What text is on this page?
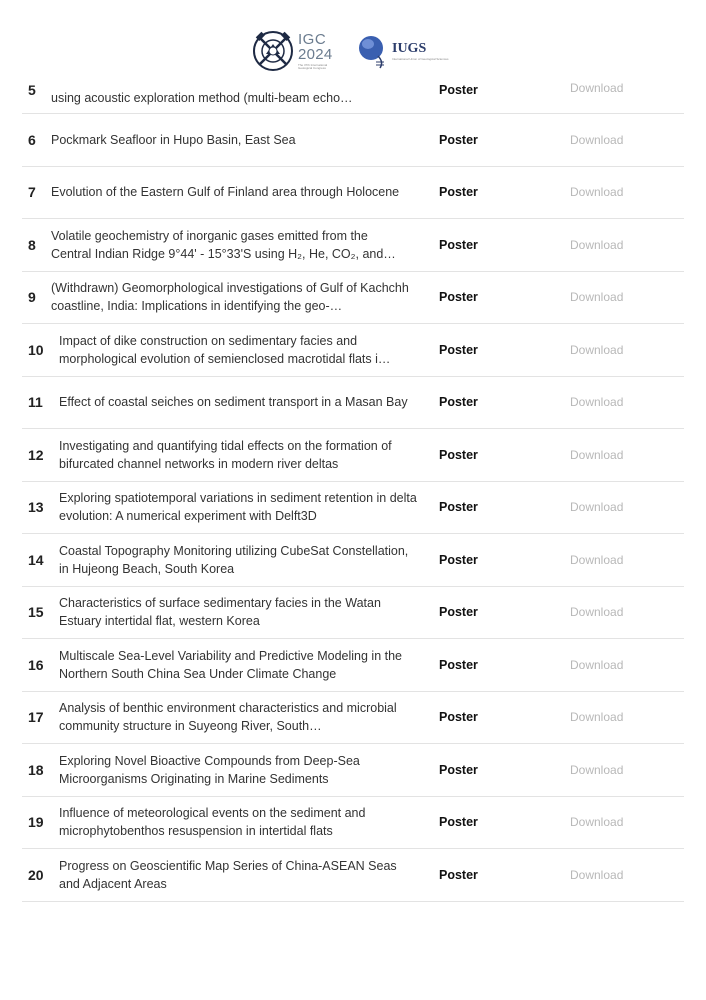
IGC
2024
The 37th International Geological Congress
IUGS
International Union of Geological Sciences
5 using acoustic exploration method (multi-beam echo…
Poster	Download
6 Pockmark Seafloor in Hupo Basin, East Sea	Poster	Download
7 Evolution of the Eastern Gulf of Finland area through Holocene	Poster	Download
8
Volatile geochemistry of inorganic gases emitted from the Central Indian Ridge 9°44' - 15°33'S using H₂, He, CO₂, and…
Poster	Download
9
(Withdrawn) Geomorphological investigations of Gulf of Kachchh coastline, India: Implications in identifying the geo-…
Poster	Download
10
Impact of dike construction on sedimentary facies and morphological evolution of semienclosed macrotidal flats i…
Poster	Download
11 Effect of coastal seiches on sediment transport in a Masan Bay	Poster	Download
12
Investigating and quantifying tidal effects on the formation of bifurcated channel networks in modern river deltas
Poster	Download
13
Exploring spatiotemporal variations in sediment retention in delta evolution: A numerical experiment with Delft3D
Poster	Download
14
Coastal Topography Monitoring utilizing CubeSat Constellation, in Hujeong Beach, South Korea
Poster	Download
15
Characteristics of surface sedimentary facies in the Watan Estuary intertidal flat, western Korea
Poster	Download
16
Multiscale Sea-Level Variability and Predictive Modeling in the Northern South China Sea Under Climate Change
Poster	Download
17
Analysis of benthic environment characteristics and microbial community structure in Suyeong River, South…
Poster	Download
18
Exploring Novel Bioactive Compounds from Deep-Sea Microorganisms Originating in Marine Sediments
Poster	Download
19
Influence of meteorological events on the sediment and microphytobenthos resuspension in intertidal flats
Poster	Download
20
Progress on Geoscientific Map Series of China-ASEAN Seas and Adjacent Areas
Poster	Download
